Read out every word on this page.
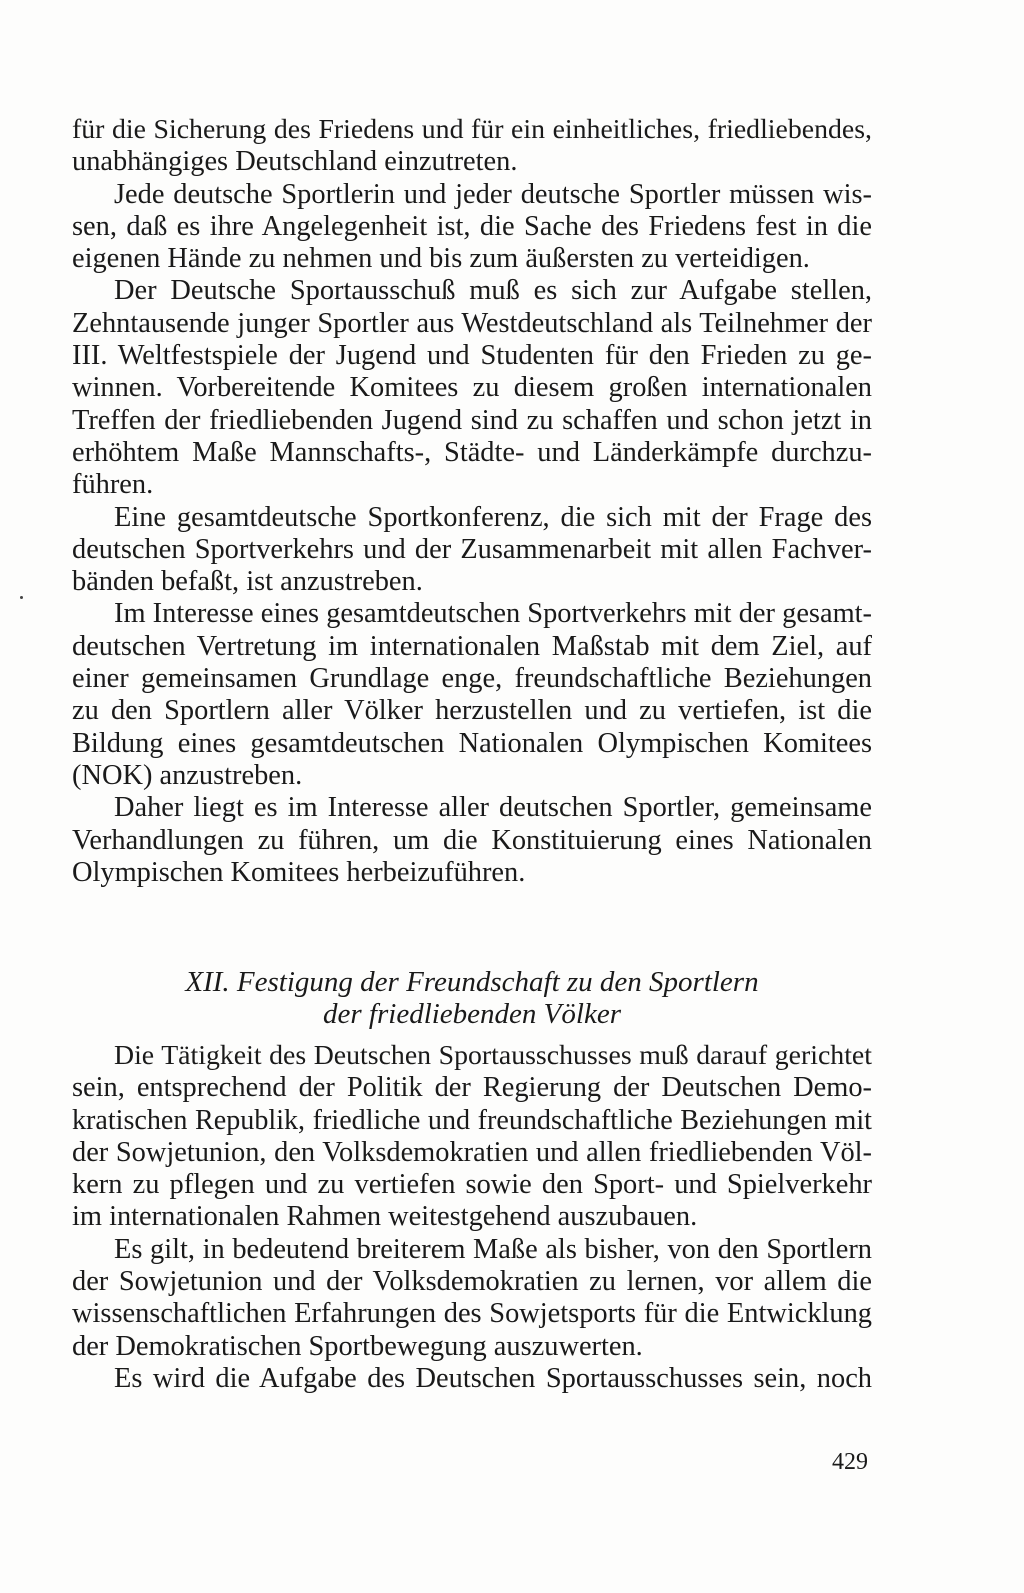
für die Sicherung des Friedens und für ein einheitliches, friedliebendes,
unabhängiges Deutschland einzutreten.
Jede deutsche Sportlerin und jeder deutsche Sportler müssen wis-
sen, daß es ihre Angelegenheit ist, die Sache des Friedens fest in die
eigenen Hände zu nehmen und bis zum äußersten zu verteidigen.
Der Deutsche Sportausschuß muß es sich zur Aufgabe stellen,
Zehntausende junger Sportler aus Westdeutschland als Teilnehmer der
III. Weltfestspiele der Jugend und Studenten für den Frieden zu ge-
winnen. Vorbereitende Komitees zu diesem großen internationalen
Treffen der friedliebenden Jugend sind zu schaffen und schon jetzt in
erhöhtem Maße Mannschafts-, Städte- und Länderkämpfe durchzu-
führen.
Eine gesamtdeutsche Sportkonferenz, die sich mit der Frage des
deutschen Sportverkehrs und der Zusammenarbeit mit allen Fachver-
bänden befaßt, ist anzustreben.
Im Interesse eines gesamtdeutschen Sportverkehrs mit der gesamt-
deutschen Vertretung im internationalen Maßstab mit dem Ziel, auf
einer gemeinsamen Grundlage enge, freundschaftliche Beziehungen
zu den Sportlern aller Völker herzustellen und zu vertiefen, ist die
Bildung eines gesamtdeutschen Nationalen Olympischen Komitees
(NOK) anzustreben.
Daher liegt es im Interesse aller deutschen Sportler, gemeinsame
Verhandlungen zu führen, um die Konstituierung eines Nationalen
Olympischen Komitees herbeizuführen.
XII. Festigung der Freundschaft zu den Sportlern
der friedliebenden Völker
Die Tätigkeit des Deutschen Sportausschusses muß darauf gerichtet
sein, entsprechend der Politik der Regierung der Deutschen Demo-
kratischen Republik, friedliche und freundschaftliche Beziehungen mit
der Sowjetunion, den Volksdemokratien und allen friedliebenden Völ-
kern zu pflegen und zu vertiefen sowie den Sport- und Spielverkehr
im internationalen Rahmen weitestgehend auszubauen.
Es gilt, in bedeutend breiterem Maße als bisher, von den Sportlern
der Sowjetunion und der Volksdemokratien zu lernen, vor allem die
wissenschaftlichen Erfahrungen des Sowjetsports für die Entwicklung
der Demokratischen Sportbewegung auszuwerten.
Es wird die Aufgabe des Deutschen Sportausschusses sein, noch
429
